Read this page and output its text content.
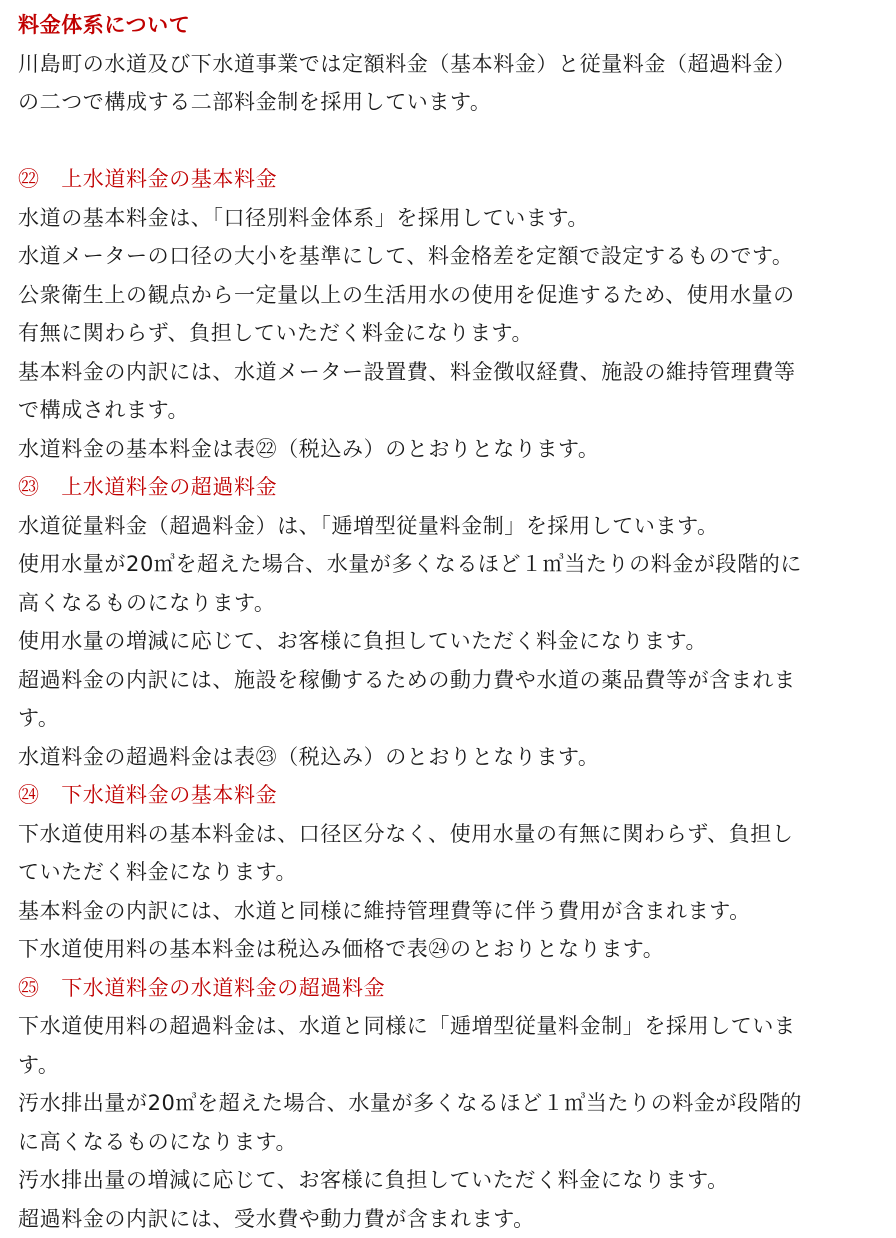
料金体系について
川島町の水道及び下水道事業では定額料金（基本料金）と従量料金（超過料金）
の二つで構成する二部料金制を採用しています。
㉒　上水道料金の基本料金
水道の基本料金は、「口径別料金体系」を採用しています。
水道メーターの口径の大小を基準にして、料金格差を定額で設定するものです。
公衆衛生上の観点から一定量以上の生活用水の使用を促進するため、使用水量の
有無に関わらず、負担していただく料金になります。
基本料金の内訳には、水道メーター設置費、料金徴収経費、施設の維持管理費等
で構成されます。
水道料金の基本料金は表㉒（税込み）のとおりとなります。
㉓　上水道料金の超過料金
水道従量料金（超過料金）は、「逓増型従量料金制」を採用しています。
使用水量が20㎥を超えた場合、水量が多くなるほど１㎥当たりの料金が段階的に
高くなるものになります。
使用水量の増減に応じて、お客様に負担していただく料金になります。
超過料金の内訳には、施設を稼働するための動力費や水道の薬品費等が含まれま
す。
水道料金の超過料金は表㉓（税込み）のとおりとなります。
㉔　下水道料金の基本料金
下水道使用料の基本料金は、口径区分なく、使用水量の有無に関わらず、負担し
ていただく料金になります。
基本料金の内訳には、水道と同様に維持管理費等に伴う費用が含まれます。
下水道使用料の基本料金は税込み価格で表㉔のとおりとなります。
㉕　下水道料金の水道料金の超過料金
下水道使用料の超過料金は、水道と同様に「逓増型従量料金制」を採用していま
す。
汚水排出量が20㎥を超えた場合、水量が多くなるほど１㎥当たりの料金が段階的
に高くなるものになります。
汚水排出量の増減に応じて、お客様に負担していただく料金になります。
超過料金の内訳には、受水費や動力費が含まれます。
